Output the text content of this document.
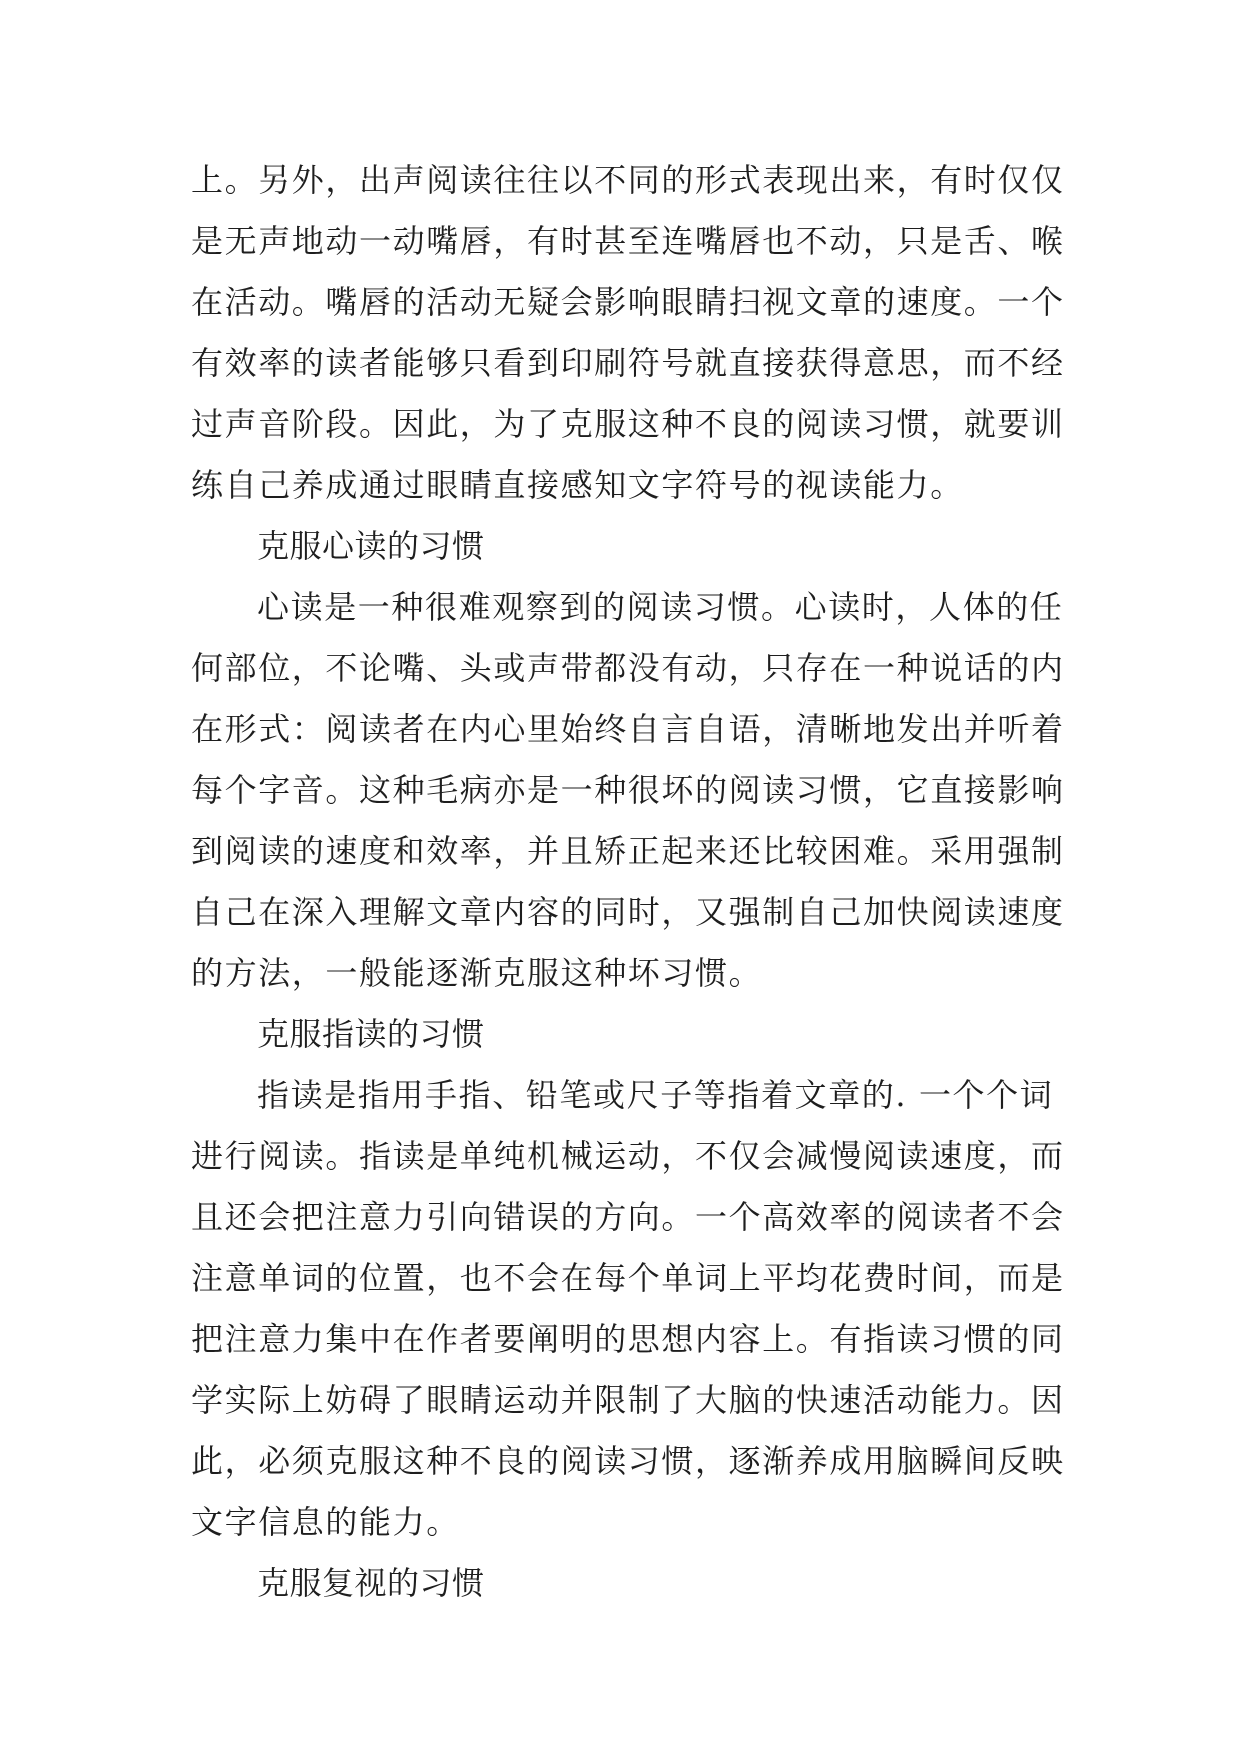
上。另外，出声阅读往往以不同的形式表现出来，有时仅仅
是无声地动一动嘴唇，有时甚至连嘴唇也不动，只是舌、喉
在活动。嘴唇的活动无疑会影响眼睛扫视文章的速度。一个
有效率的读者能够只看到印刷符号就直接获得意思，而不经
过声音阶段。因此，为了克服这种不良的阅读习惯，就要训
练自己养成通过眼睛直接感知文字符号的视读能力。
克服心读的习惯
心读是一种很难观察到的阅读习惯。心读时，人体的任
何部位，不论嘴、头或声带都没有动，只存在一种说话的内
在形式：阅读者在内心里始终自言自语，清晰地发出并听着
每个字音。这种毛病亦是一种很坏的阅读习惯，它直接影响
到阅读的速度和效率，并且矫正起来还比较困难。采用强制
自己在深入理解文章内容的同时，又强制自己加快阅读速度
的方法，一般能逐渐克服这种坏习惯。
克服指读的习惯
指读是指用手指、铅笔或尺子等指着文章的. 一个个词
进行阅读。指读是单纯机械运动，不仅会减慢阅读速度，而
且还会把注意力引向错误的方向。一个高效率的阅读者不会
注意单词的位置，也不会在每个单词上平均花费时间，而是
把注意力集中在作者要阐明的思想内容上。有指读习惯的同
学实际上妨碍了眼睛运动并限制了大脑的快速活动能力。因
此，必须克服这种不良的阅读习惯，逐渐养成用脑瞬间反映
文字信息的能力。
克服复视的习惯
